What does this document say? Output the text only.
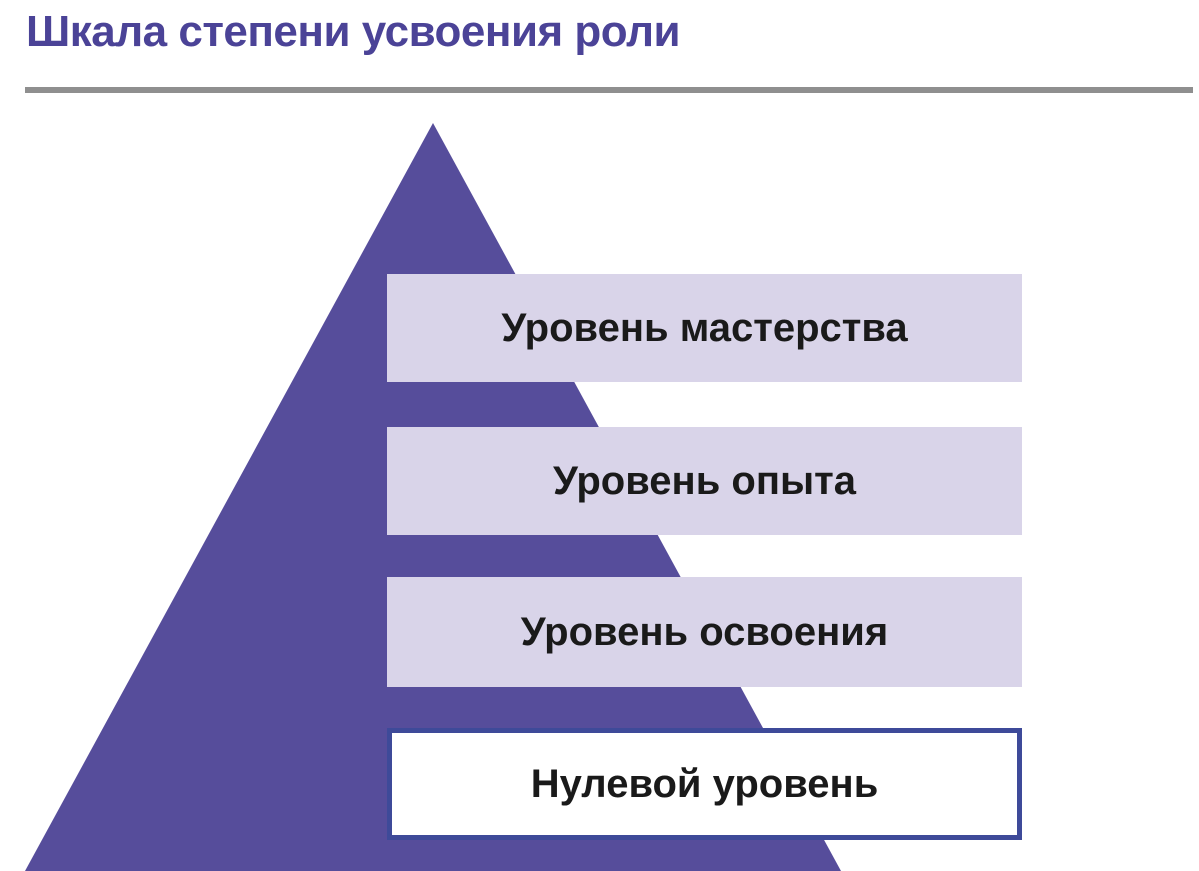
Шкала степени усвоения роли
Уровень мастерства
Уровень опыта
Уровень освоения
Нулевой уровень
